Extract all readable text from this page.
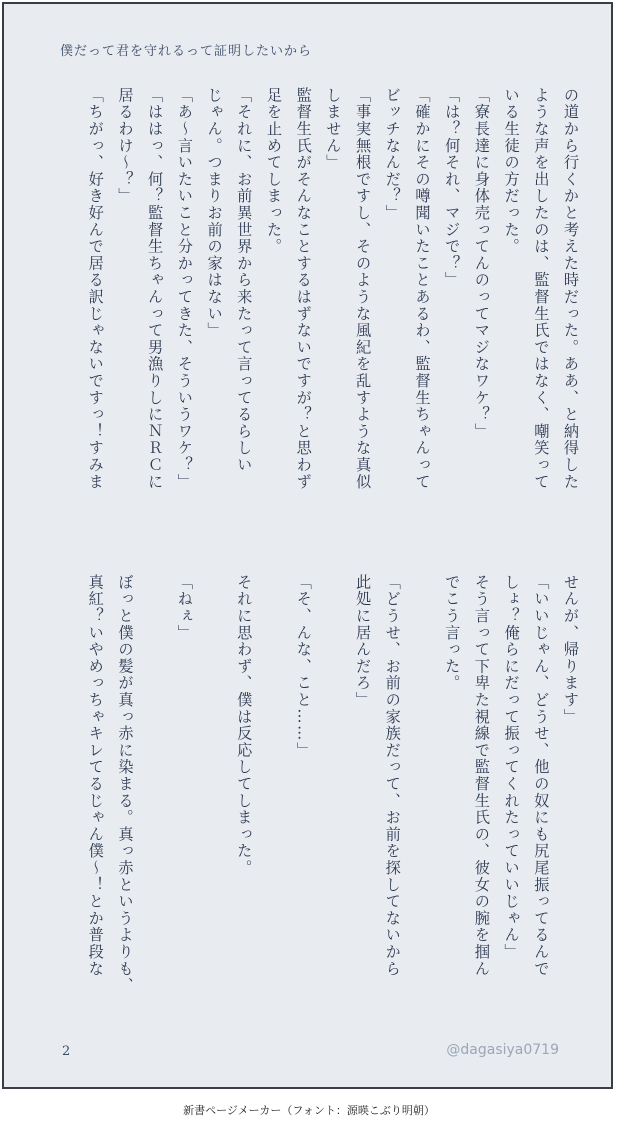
僕だって君を守れるって証明したいから
の道から行くかと考えた時だった。ああ、と納得した
ような声を出したのは、監督生氏ではなく、嘲笑って
いる生徒の方だった。
「寮長達に身体売ってんのってマジなワケ？」
「は？何それ、マジで？」
「確かにその噂聞いたことあるわ、監督生ちゃんって
ビッチなんだ？」
「事実無根ですし、そのような風紀を乱すような真似
しません」
監督生氏がそんなことするはずないですが？と思わず
足を止めてしまった。
「それに、お前異世界から来たって言ってるらしい
じゃん。つまりお前の家はない」
「あ～言いたいこと分かってきた、そういうワケ？」
「ははっ、何？監督生ちゃんって男漁りしにＮＲＣに
居るわけ～？」
「ちがっ、好き好んで居る訳じゃないですっ！すみま
せんが、帰ります」
「いいじゃん、どうせ、他の奴にも尻尾振ってるんで
しょ？俺らにだって振ってくれたっていいじゃん」
そう言って下卑た視線で監督生氏の、彼女の腕を掴ん
でこう言った。

「どうせ、お前の家族だって、お前を探してないから
此処に居んだろ」

「そ、んな、こと……」

それに思わず、僕は反応してしまった。

「ねぇ」

ぼっと僕の髪が真っ赤に染まる。真っ赤というよりも、
真紅？いやめっちゃキレてるじゃん僕～！とか普段な
2	@dagasiya0719
新書ページメーカー（フォント：源暎こぶり明朝）
